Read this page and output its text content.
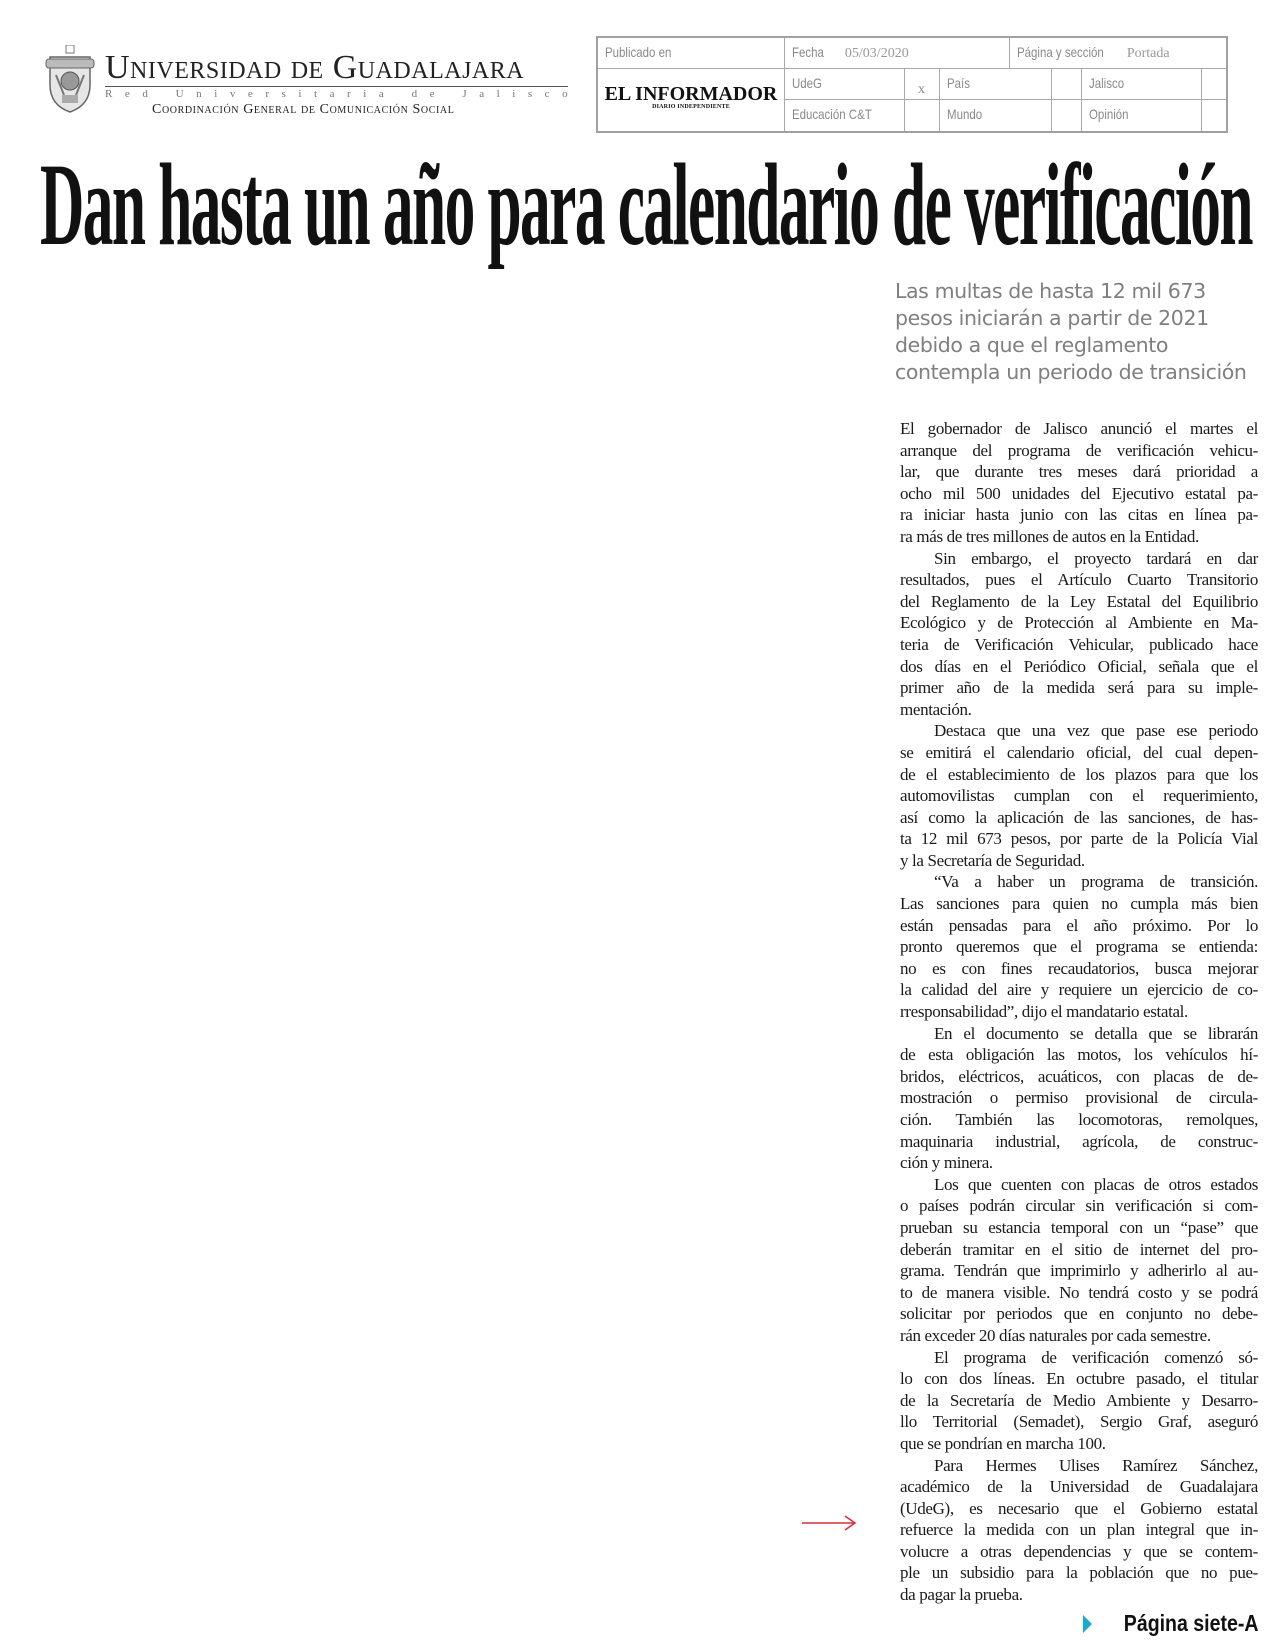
Universidad de Guadalajara
R e d
	U n i v e r s i t a r i a
	d e
	J a l i s c o
Coordinación General de Comunicación Social
Publicado en	Fecha 05/03/2020	Página y sección Portada
EL INFORMADOR
DIARIO INDEPENDIENTE
UdeG	x	País	Jalisco
Educación C&T	Mundo	Opinión
Dan hasta un año para calendario de verificación
Las multas de hasta 12 mil 673
pesos iniciarán a partir de 2021
debido a que el reglamento
contempla un periodo de transición
El gobernador de Jalisco anunció el martes el
arranque del programa de verificación vehicu-
lar, que durante tres meses dará prioridad a
ocho mil 500 unidades del Ejecutivo estatal pa-
ra iniciar hasta junio con las citas en línea pa-
ra más de tres millones de autos en la Entidad.
Sin embargo, el proyecto tardará en dar
resultados, pues el Artículo Cuarto Transitorio
del Reglamento de la Ley Estatal del Equilibrio
Ecológico y de Protección al Ambiente en Ma-
teria de Verificación Vehicular, publicado hace
dos días en el Periódico Oficial, señala que el
primer año de la medida será para su imple-
mentación.
Destaca que una vez que pase ese periodo
se emitirá el calendario oficial, del cual depen-
de el establecimiento de los plazos para que los
automovilistas cumplan con el requerimiento,
así como la aplicación de las sanciones, de has-
ta 12 mil 673 pesos, por parte de la Policía Vial
y la Secretaría de Seguridad.
“Va a haber un programa de transición.
Las sanciones para quien no cumpla más bien
están pensadas para el año próximo. Por lo
pronto queremos que el programa se entienda:
no es con fines recaudatorios, busca mejorar
la calidad del aire y requiere un ejercicio de co-
rresponsabilidad”, dijo el mandatario estatal.
En el documento se detalla que se librarán
de esta obligación las motos, los vehículos hí-
bridos, eléctricos, acuáticos, con placas de de-
mostración o permiso provisional de circula-
ción. También las locomotoras, remolques,
maquinaria industrial, agrícola, de construc-
ción y minera.
Los que cuenten con placas de otros estados
o países podrán circular sin verificación si com-
prueban su estancia temporal con un “pase” que
deberán tramitar en el sitio de internet del pro-
grama. Tendrán que imprimirlo y adherirlo al au-
to de manera visible. No tendrá costo y se podrá
solicitar por periodos que en conjunto no debe-
rán exceder 20 días naturales por cada semestre.
El programa de verificación comenzó só-
lo con dos líneas. En octubre pasado, el titular
de la Secretaría de Medio Ambiente y Desarro-
llo Territorial (Semadet), Sergio Graf, aseguró
que se pondrían en marcha 100.
Para Hermes Ulises Ramírez Sánchez,
académico de la Universidad de Guadalajara
(UdeG), es necesario que el Gobierno estatal
refuerce la medida con un plan integral que in-
volucre a otras dependencias y que se contem-
ple un subsidio para la población que no pue-
da pagar la prueba.
Página siete-A
